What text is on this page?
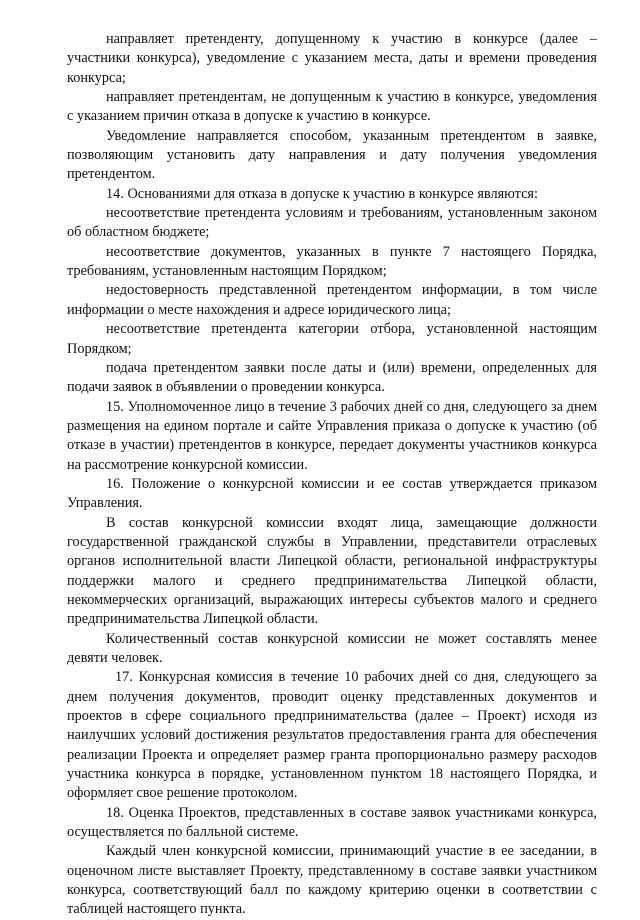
направляет претенденту, допущенному к участию в конкурсе (далее – участники конкурса), уведомление с указанием места, даты и времени проведения конкурса;

направляет претендентам, не допущенным к участию в конкурсе, уведомления с указанием причин отказа в допуске к участию в конкурсе.

Уведомление направляется способом, указанным претендентом в заявке, позволяющим установить дату направления и дату получения уведомления претендентом.

14. Основаниями для отказа в допуске к участию в конкурсе являются:

несоответствие претендента условиям и требованиям, установленным законом об областном бюджете;

несоответствие документов, указанных в пункте 7 настоящего Порядка, требованиям, установленным настоящим Порядком;

недостоверность представленной претендентом информации, в том числе информации о месте нахождения и адресе юридического лица;

несоответствие претендента категории отбора, установленной настоящим Порядком;

подача претендентом заявки после даты и (или) времени, определенных для подачи заявок в объявлении о проведении конкурса.

15. Уполномоченное лицо в течение 3 рабочих дней со дня, следующего за днем размещения на едином портале и сайте Управления приказа о допуске к участию (об отказе в участии) претендентов в конкурсе, передает документы участников конкурса на рассмотрение конкурсной комиссии.

16. Положение о конкурсной комиссии и ее состав утверждается приказом Управления.

В состав конкурсной комиссии входят лица, замещающие должности государственной гражданской службы в Управлении, представители отраслевых органов исполнительной власти Липецкой области, региональной инфраструктуры поддержки малого и среднего предпринимательства Липецкой области, некоммерческих организаций, выражающих интересы субъектов малого и среднего предпринимательства Липецкой области.

Количественный состав конкурсной комиссии не может составлять менее девяти человек.

17. Конкурсная комиссия в течение 10 рабочих дней со дня, следующего за днем получения документов, проводит оценку представленных документов и проектов в сфере социального предпринимательства (далее – Проект) исходя из наилучших условий достижения результатов предоставления гранта для обеспечения реализации Проекта и определяет размер гранта пропорционально размеру расходов участника конкурса в порядке, установленном пунктом 18 настоящего Порядка, и оформляет свое решение протоколом.

18. Оценка Проектов, представленных в составе заявок участниками конкурса, осуществляется по балльной системе.

Каждый член конкурсной комиссии, принимающий участие в ее заседании, в оценочном листе выставляет Проекту, представленному в составе заявки участником конкурса, соответствующий балл по каждому критерию оценки в соответствии с таблицей настоящего пункта.
